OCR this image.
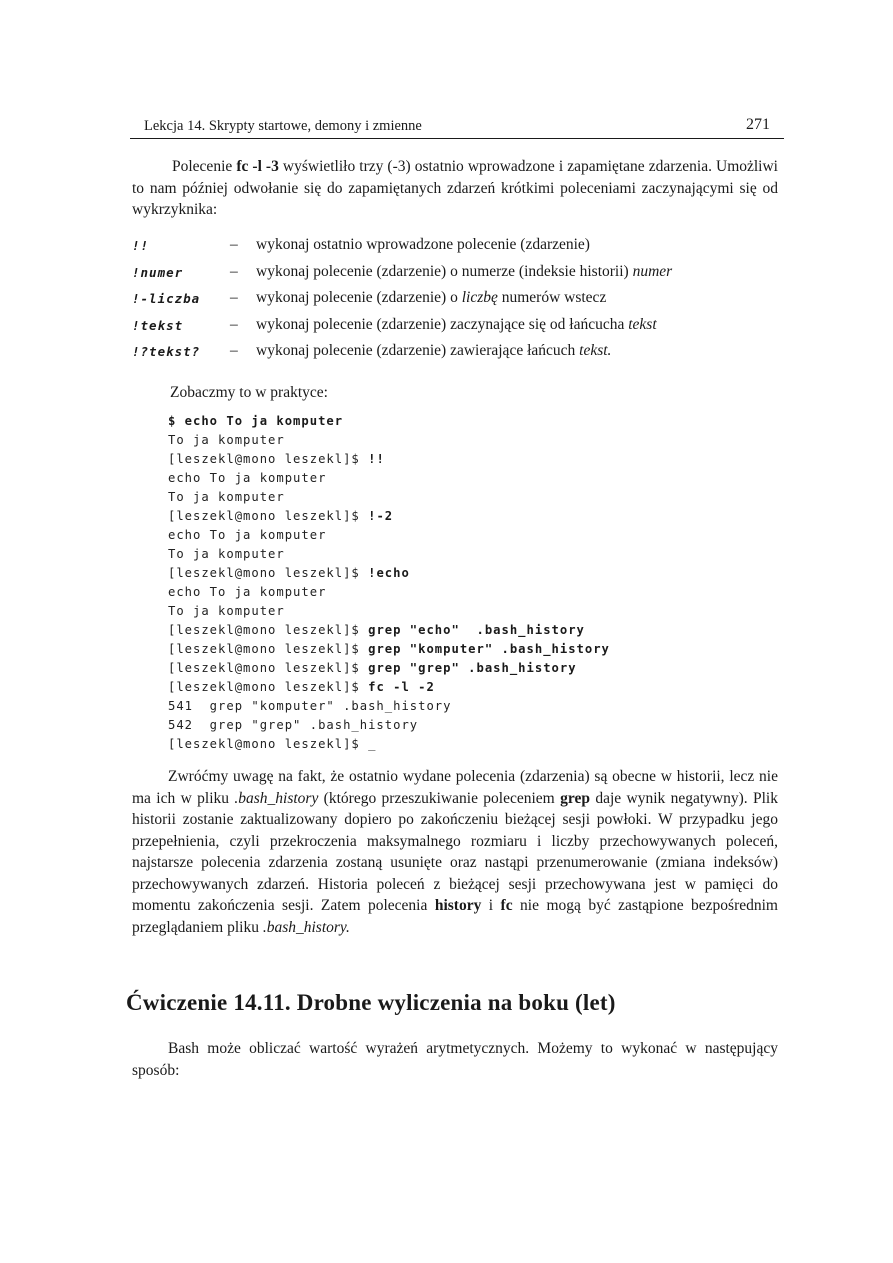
Lekcja 14. Skrypty startowe, demony i zmienne	271
Polecenie fc -l -3 wyświetliło trzy (-3) ostatnio wprowadzone i zapamiętane zdarzenia. Umożliwi to nam później odwołanie się do zapamiętanych zdarzeń krótkimi poleceniami zaczynającymi się od wykrzyknika:
!!	– wykonaj ostatnio wprowadzone polecenie (zdarzenie)
!numer	– wykonaj polecenie (zdarzenie) o numerze (indeksie historii) numer
!-liczba – wykonaj polecenie (zdarzenie) o liczbę numerów wstecz
!tekst	– wykonaj polecenie (zdarzenie) zaczynające się od łańcucha tekst
!?tekst? – wykonaj polecenie (zdarzenie) zawierające łańcuch tekst.
Zobaczmy to w praktyce:
$ echo To ja komputer
To ja komputer
[leszekl@mono leszekl]$ !!
echo To ja komputer
To ja komputer
[leszekl@mono leszekl]$ !-2
echo To ja komputer
To ja komputer
[leszekl@mono leszekl]$ !echo
echo To ja komputer
To ja komputer
[leszekl@mono leszekl]$ grep "echo"  .bash_history
[leszekl@mono leszekl]$ grep "komputer" .bash_history
[leszekl@mono leszekl]$ grep "grep" .bash_history
[leszekl@mono leszekl]$ fc -l -2
541  grep "komputer" .bash_history
542  grep "grep" .bash_history
[leszekl@mono leszekl]$ _
Zwróćmy uwagę na fakt, że ostatnio wydane polecenia (zdarzenia) są obecne w historii, lecz nie ma ich w pliku .bash_history (którego przeszukiwanie poleceniem grep daje wynik negatywny). Plik historii zostanie zaktualizowany dopiero po zakończeniu bieżącej sesji powłoki. W przypadku jego przepełnienia, czyli przekroczenia maksymalnego rozmiaru i liczby przechowywanych poleceń, najstarsze polecenia zdarzenia zostaną usunięte oraz nastąpi przenumerowanie (zmiana indeksów) przechowywanych zdarzeń. Historia poleceń z bieżącej sesji przechowywana jest w pamięci do momentu zakończenia sesji. Zatem polecenia history i fc nie mogą być zastąpione bezpośrednim przeglądaniem pliku .bash_history.
Ćwiczenie 14.11. Drobne wyliczenia na boku (let)
Bash może obliczać wartość wyrażeń arytmetycznych. Możemy to wykonać w następujący sposób:
